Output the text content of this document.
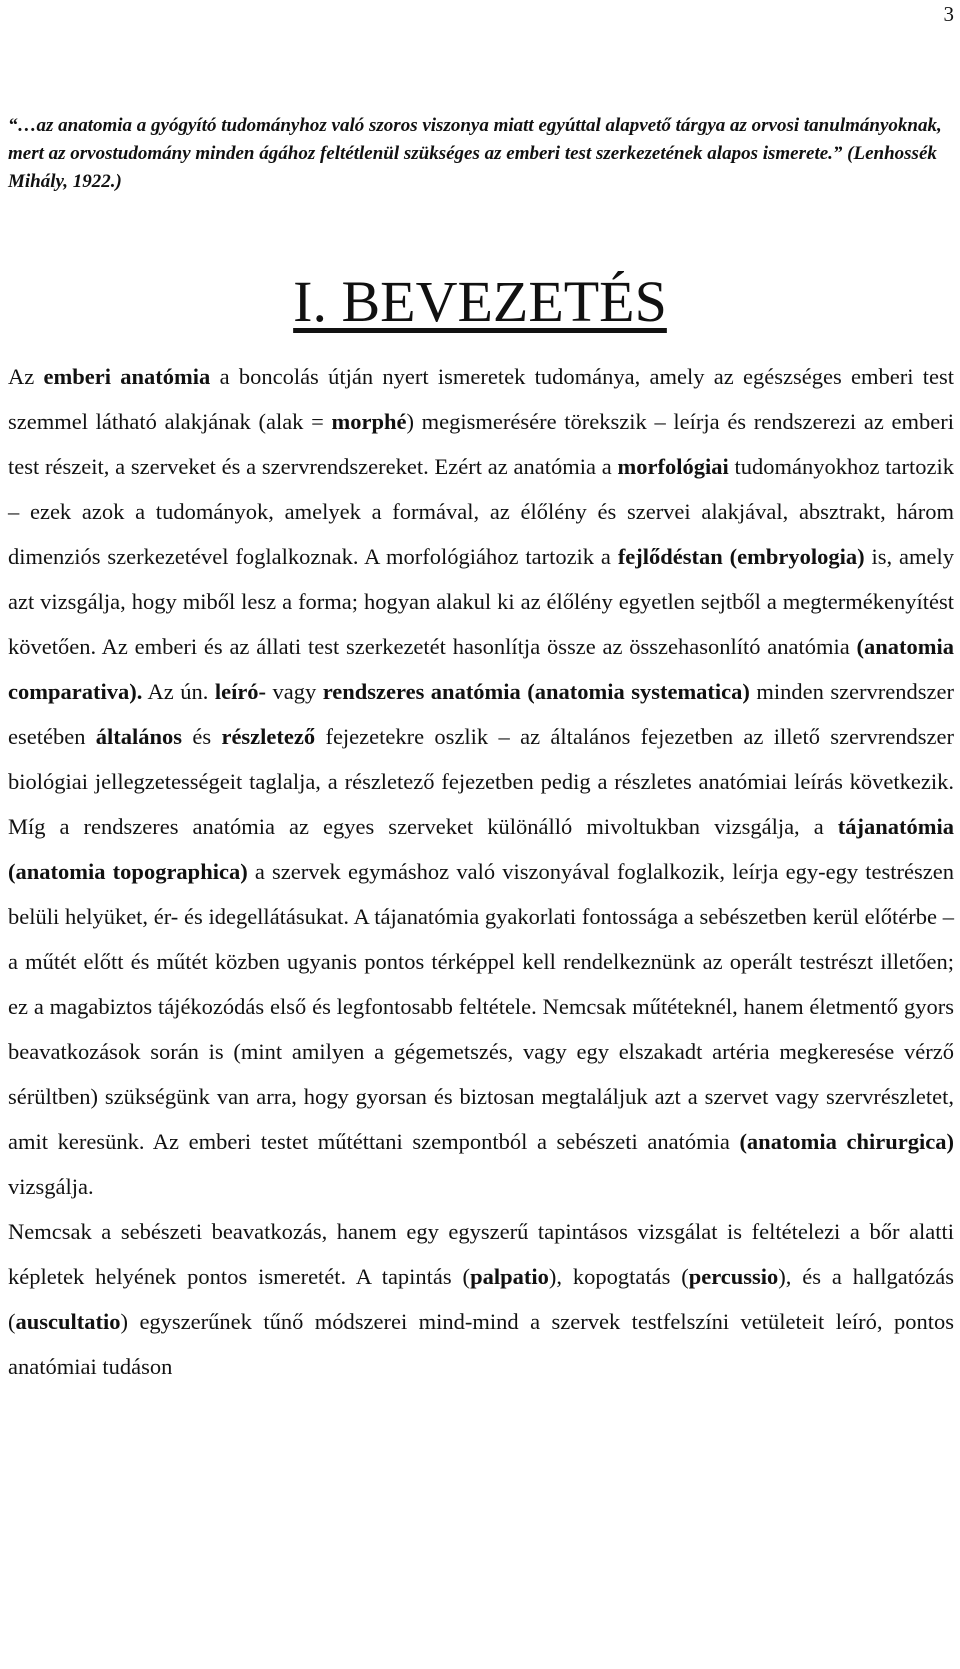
3
“…az anatomia a gyógyító tudományhoz való szoros viszonya miatt egyúttal alapvető tárgya az orvosi tanulmányoknak, mert az orvostudomány minden ágához feltétlenül szükséges az emberi test szerkezetének alapos ismerete.” (Lenhossék Mihály, 1922.)
I. BEVEZETÉS

Az emberi anatómia a boncolás útján nyert ismeretek tudománya, amely az egészséges emberi test szemmel látható alakjának (alak = morphé) megismerésére törekszik – leírja és rendszerezi az emberi test részeit, a szerveket és a szervrendszereket. Ezért az anatómia a morfológiai tudományokhoz tartozik – ezek azok a tudományok, amelyek a formával, az élőlény és szervei alakjával, absztrakt, három dimenziós szerkezetével foglalkoznak. A morfológiához tartozik a fejlődéstan (embryologia) is, amely azt vizsgálja, hogy miből lesz a forma; hogyan alakul ki az élőlény egyetlen sejtből a megtermékenyítést követően. Az emberi és az állati test szerkezetét hasonlítja össze az összehasonlító anatómia (anatomia comparativa). Az ún. leíró- vagy rendszeres anatómia (anatomia systematica) minden szervrendszer esetében általános és részletező fejezetekre oszlik – az általános fejezetben az illető szervrendszer biológiai jellegzetességeit taglalja, a részletező fejezetben pedig a részletes anatómiai leírás következik. Míg a rendszeres anatómia az egyes szerveket különálló mivoltukban vizsgálja, a tájanatómia (anatomia topographica) a szervek egymáshoz való viszonyával foglalkozik, leírja egy-egy testrészen belüli helyüket, ér- és idegellátásukat. A tájanatómia gyakorlati fontossága a sebészetben kerül előtérbe – a műtét előtt és műtét közben ugyanis pontos térképpel kell rendelkeznünk az operált testrészt illetően; ez a magabiztos tájékozódás első és legfontosabb feltétele. Nemcsak műtéteknél, hanem életmentő gyors beavatkozások során is (mint amilyen a gégemetszés, vagy egy elszakadt artéria megkeresése vérző sérültben) szükségünk van arra, hogy gyorsan és biztosan megtaláljuk azt a szervet vagy szervrészletet, amit keresünk. Az emberi testet műtéttani szempontból a sebészeti anatómia (anatomia chirurgica) vizsgálja.

Nemcsak a sebészeti beavatkozás, hanem egy egyszerű tapintásos vizsgálat is feltételezi a bőr alatti képletek helyének pontos ismeretét. A tapintás (palpatio), kopogtatás (percussio), és a hallgatózás (auscultatio) egyszerűnek tűnő módszerei mind-mind a szervek testfelszíni vetületeit leíró, pontos anatómiai tudáson
